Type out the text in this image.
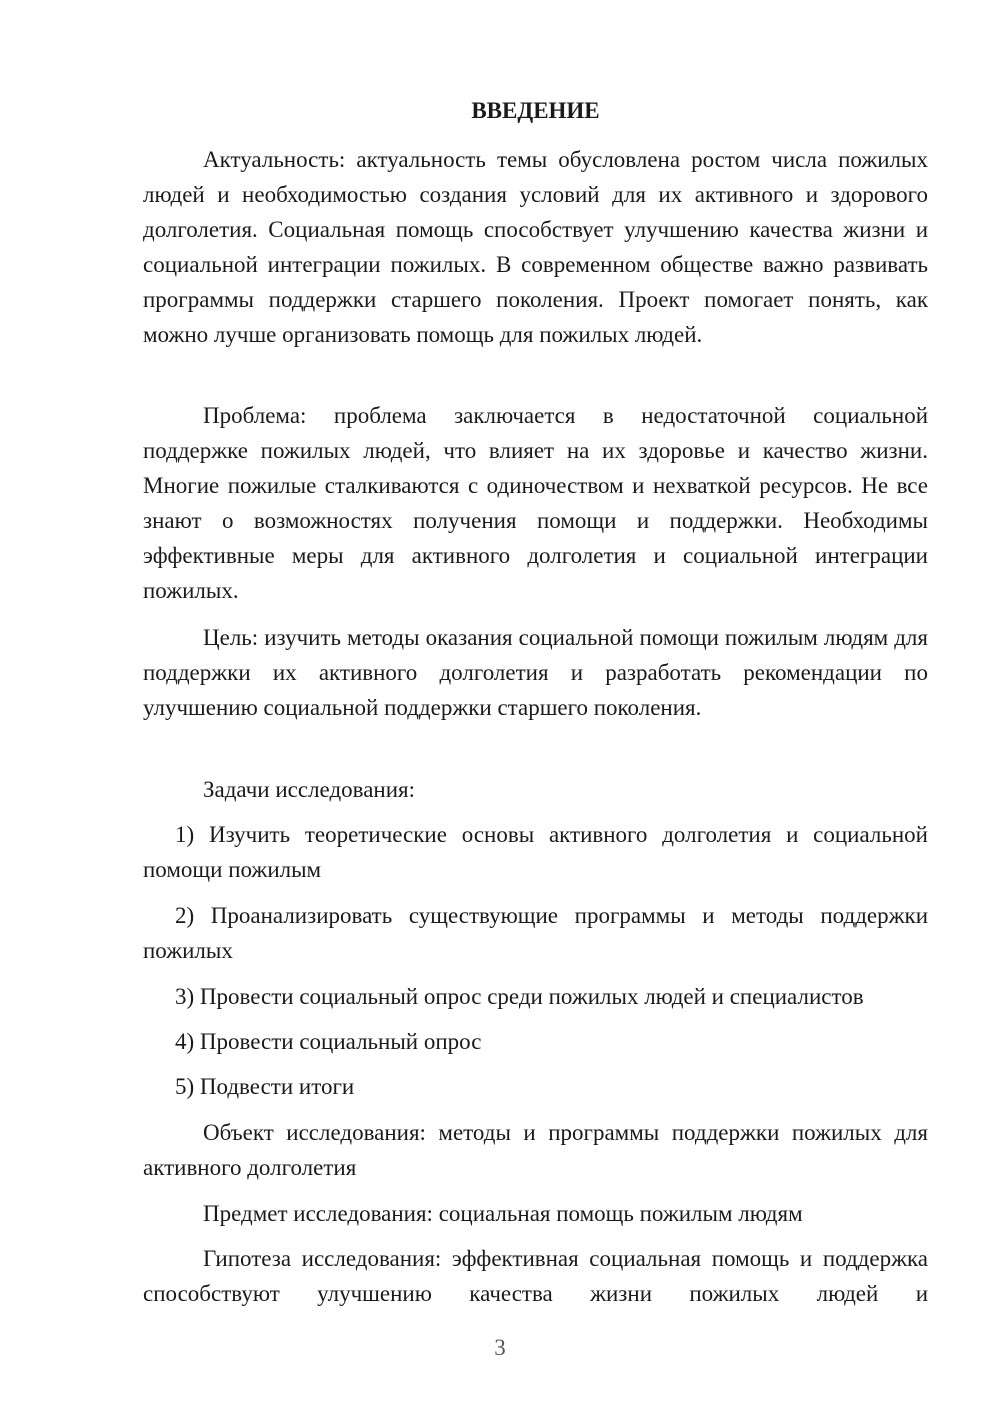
ВВЕДЕНИЕ

Актуальность: актуальность темы обусловлена ростом числа пожилых людей и необходимостью создания условий для их активного и здорового долголетия. Социальная помощь способствует улучшению качества жизни и социальной интеграции пожилых. В современном обществе важно развивать программы поддержки старшего поколения. Проект помогает понять, как можно лучше организовать помощь для пожилых людей.

Проблема: проблема заключается в недостаточной социальной поддержке пожилых людей, что влияет на их здоровье и качество жизни. Многие пожилые сталкиваются с одиночеством и нехваткой ресурсов. Не все знают о возможностях получения помощи и поддержки. Необходимы эффективные меры для активного долголетия и социальной интеграции пожилых.

Цель: изучить методы оказания социальной помощи пожилым людям для поддержки их активного долголетия и разработать рекомендации по улучшению социальной поддержки старшего поколения.

Задачи исследования:

1) Изучить теоретические основы активного долголетия и социальной помощи пожилым

2) Проанализировать существующие программы и методы поддержки пожилых

3) Провести социальный опрос среди пожилых людей и специалистов

4) Провести социальный опрос

5) Подвести итоги

Объект исследования: методы и программы поддержки пожилых для активного долголетия

Предмет исследования: социальная помощь пожилым людям

Гипотеза исследования: эффективная социальная помощь и поддержка способствуют улучшению качества жизни пожилых людей и

3
